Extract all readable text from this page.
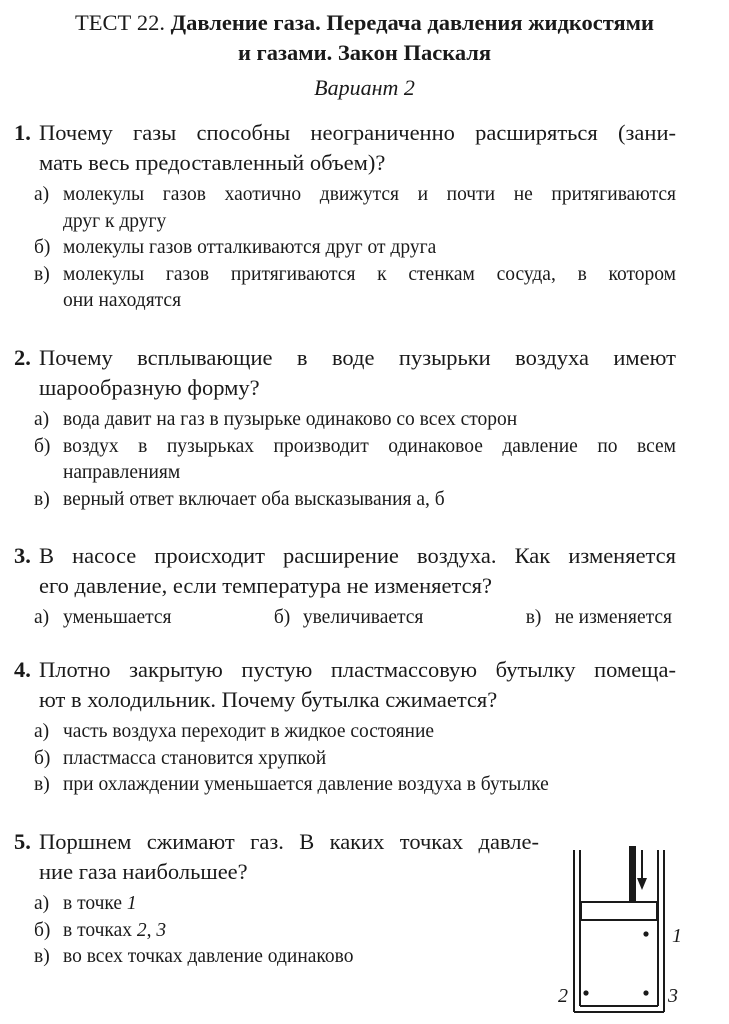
ТЕСТ 22. Давление газа. Передача давления жидкостями
и газами. Закон Паскаля
Вариант 2
1. Почему газы способны неограниченно расширяться (зани-
мать весь предоставленный объем)?
а) молекулы газов хаотично движутся и почти не притягиваются
друг к другу
б) молекулы газов отталкиваются друг от друга
в) молекулы газов притягиваются к стенкам сосуда, в котором
они находятся
2. Почему всплывающие в воде пузырьки воздуха имеют
шарообразную форму?
а) вода давит на газ в пузырьке одинаково со всех сторон
б) воздух в пузырьках производит одинаковое давление по всем
направлениям
в) верный ответ включает оба высказывания а, б
3. В насосе происходит расширение воздуха. Как изменяется
его давление, если температура не изменяется?
а) уменьшается	б) увеличивается	в) не изменяется
4. Плотно закрытую пустую пластмассовую бутылку помеща-
ют в холодильник. Почему бутылка сжимается?
а) часть воздуха переходит в жидкое состояние
б) пластмасса становится хрупкой
в) при охлаждении уменьшается давление воздуха в бутылке
5. Поршнем сжимают газ. В каких точках давле-
ние газа наибольшее?
а) в точке 1
б) в точках 2, 3
в) во всех точках давление одинаково
1
2	3
